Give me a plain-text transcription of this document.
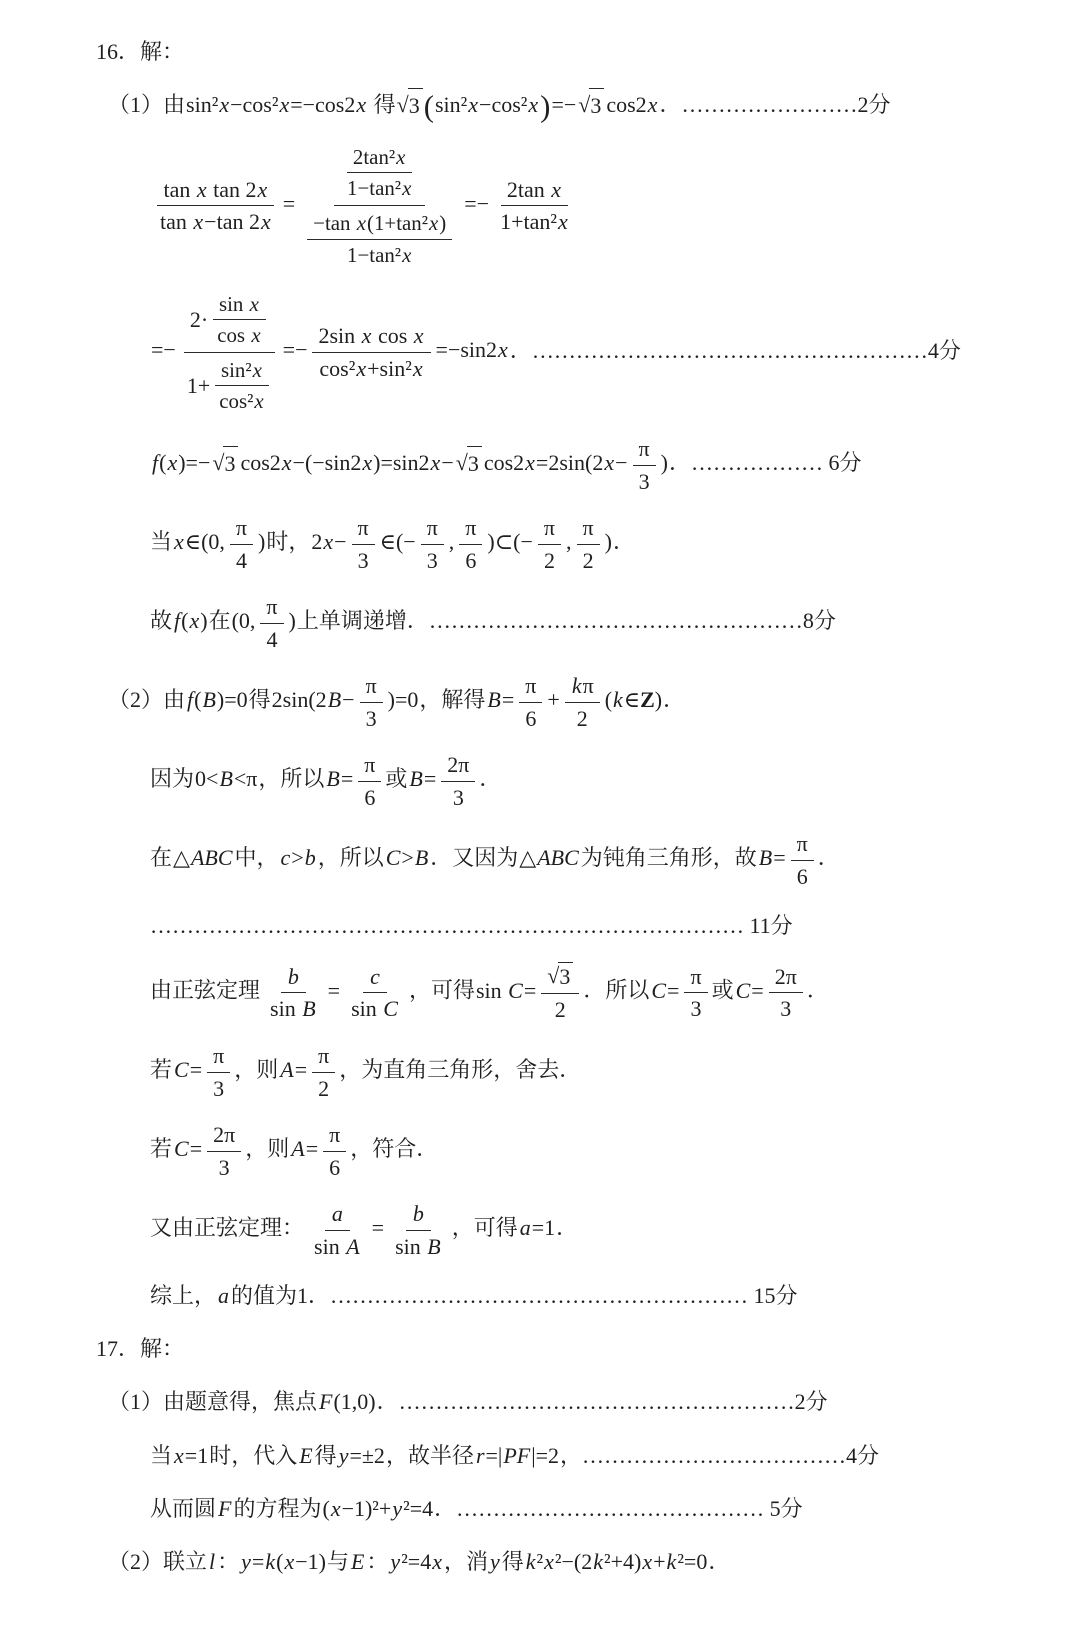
16．解：
（1）由sin²x−cos²x=−cos2x 得 √ 3 (sin²x−cos²x)=− √ 3 cos2x．……………………2分
$\frac{\text{tan x tan 2x}}{\text{tan x−tan 2x}} = \frac{\frac{\text{2tan²x}}{\text{1−tan²x}}}{\frac{\text{−tan x(1+tan²x)}}{\text{1−tan²x}}} =- \frac{\text{2tan x}}{\text{1+tan²x}}$
=− $\frac{2\cdot \frac{\text{sin x}}{\text{cos x}}}{1+ \frac{\text{sin²x}}{\text{cos²x}}} =- \frac{\text{2sin x cos x}}{\text{cos²x+sin²x}} =-\sin 2x$．………………………………………………4分
f(x)=− √ 3 cos2x−(−sin2x)=sin2x− √ 3 $\cos 2x=2\sin(2x- \frac{\pi}{3}$ )．……………… 6分
当x∈(0, $\frac{\pi}{4}$ )时，$2x- \frac{\pi}{3}$ ∈(− $\frac{\pi}{3}$ , $\frac{\pi}{6}$ )⊂(− $\frac{\pi}{2}$ , $\frac{\pi}{2}$ )．
故f(x)在(0, $\frac{\pi}{4}$ )上单调递增．……………………………………………8分
（2）由f(B)=0得$2\sin(2B- \frac{\pi}{3} )=0$，解得$B= \frac{\pi}{6} + \frac{k\pi}{2}$ (k∈Z)．
因为0<B<π，所以$B= \frac{\pi}{6}$ 或$B= \frac{2\pi}{3}$ ．
在△ABC中，c>b，所以C>B．又因为△ABC为钝角三角形，故$B= \frac{\pi}{6}$ ．
……………………………………………………………………… 11分
由正弦定理 $\frac{b}{\text{sin B}} = \frac{c}{\text{sin C}}$ ，可得$\sin C= \frac{√ 3}{2}$ ．所以$C= \frac{\pi}{3}$ 或$C= \frac{2\pi}{3}$ ．
若$C= \frac{\pi}{3}$ ，则$A= \frac{\pi}{2}$ ，为直角三角形，舍去．
若$C= \frac{2\pi}{3}$ ，则$A= \frac{\pi}{6}$ ，符合．
又由正弦定理： $\frac{a}{\text{sin A}} = \frac{b}{\text{sin B}}$ ，可得a=1．
综上，a的值为1．………………………………………………… 15分
17．解：
（1）由题意得，焦点F(1,0)．………………………………………………2分
当x=1时，代入E得y=±2，故半径r=|PF|=2，………………………………4分
从而圆F的方程为(x−1)²+y²=4．…………………………………… 5分
（2）联立l：y=k(x−1)与E：y²=4x，消y得k²x²−(2k²+4)x+k²=0．
